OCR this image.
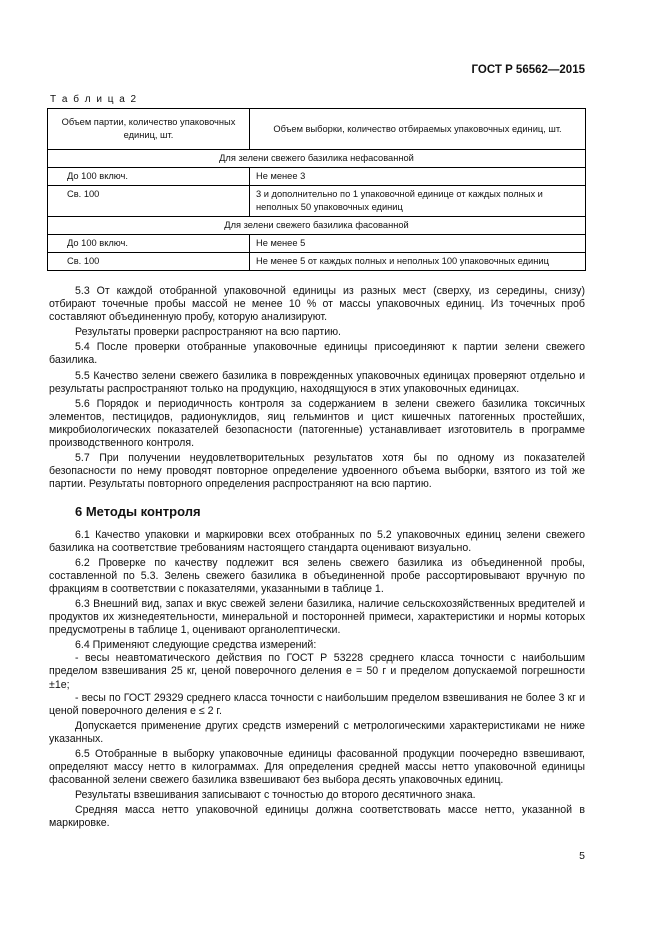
ГОСТ Р 56562—2015
Т а б л и ц а 2
Объем партии, количество упаковочных единиц, шт.	Объем выборки, количество отбираемых упаковочных единиц, шт.
Для зелени свежего базилика нефасованной	
До 100 включ.	Не менее 3
Св. 100	3 и дополнительно по 1 упаковочной единице от каждых полных и неполных 50 упаковочных единиц
Для зелени свежего базилика фасованной	
До 100 включ.	Не менее 5
Св. 100	Не менее 5 от каждых полных и неполных 100 упаковочных единиц

5.3 От каждой отобранной упаковочной единицы из разных мест (сверху, из середины, снизу) отбирают точечные пробы массой не менее 10 % от массы упаковочных единиц. Из точечных проб составляют объединенную пробу, которую анализируют.

Результаты проверки распространяют на всю партию.

5.4 После проверки отобранные упаковочные единицы присоединяют к партии зелени свежего базилика.

5.5 Качество зелени свежего базилика в поврежденных упаковочных единицах проверяют отдельно и результаты распространяют только на продукцию, находящуюся в этих упаковочных единицах.

5.6 Порядок и периодичность контроля за содержанием в зелени свежего базилика токсичных элементов, пестицидов, радионуклидов, яиц гельминтов и цист кишечных патогенных простейших, микробиологических показателей безопасности (патогенные) устанавливает изготовитель в программе производственного контроля.

5.7 При получении неудовлетворительных результатов хотя бы по одному из показателей безопасности по нему проводят повторное определение удвоенного объема выборки, взятого из той же партии. Результаты повторного определения распространяют на всю партию.

6 Методы контроля

6.1 Качество упаковки и маркировки всех отобранных по 5.2 упаковочных единиц зелени свежего базилика на соответствие требованиям настоящего стандарта оценивают визуально.

6.2 Проверке по качеству подлежит вся зелень свежего базилика из объединенной пробы, составленной по 5.3. Зелень свежего базилика в объединенной пробе рассортировывают вручную по фракциям в соответствии с показателями, указанными в таблице 1.

6.3 Внешний вид, запах и вкус свежей зелени базилика, наличие сельскохозяйственных вредителей и продуктов их жизнедеятельности, минеральной и посторонней примеси, характеристики и нормы которых предусмотрены в таблице 1, оценивают органолептически.

6.4 Применяют следующие средства измерений:

- весы неавтоматического действия по ГОСТ Р 53228 среднего класса точности с наибольшим пределом взвешивания 25 кг, ценой поверочного деления е = 50 г и пределом допускаемой погрешности ±1е;

- весы по ГОСТ 29329 среднего класса точности с наибольшим пределом взвешивания не более 3 кг и ценой поверочного деления е ≤ 2 г.

Допускается применение других средств измерений с метрологическими характеристиками не ниже указанных.

6.5 Отобранные в выборку упаковочные единицы фасованной продукции поочередно взвешивают, определяют массу нетто в килограммах. Для определения средней массы нетто упаковочной единицы фасованной зелени свежего базилика взвешивают без выбора десять упаковочных единиц.

Результаты взвешивания записывают с точностью до второго десятичного знака.

Средняя масса нетто упаковочной единицы должна соответствовать массе нетто, указанной в маркировке.

5
